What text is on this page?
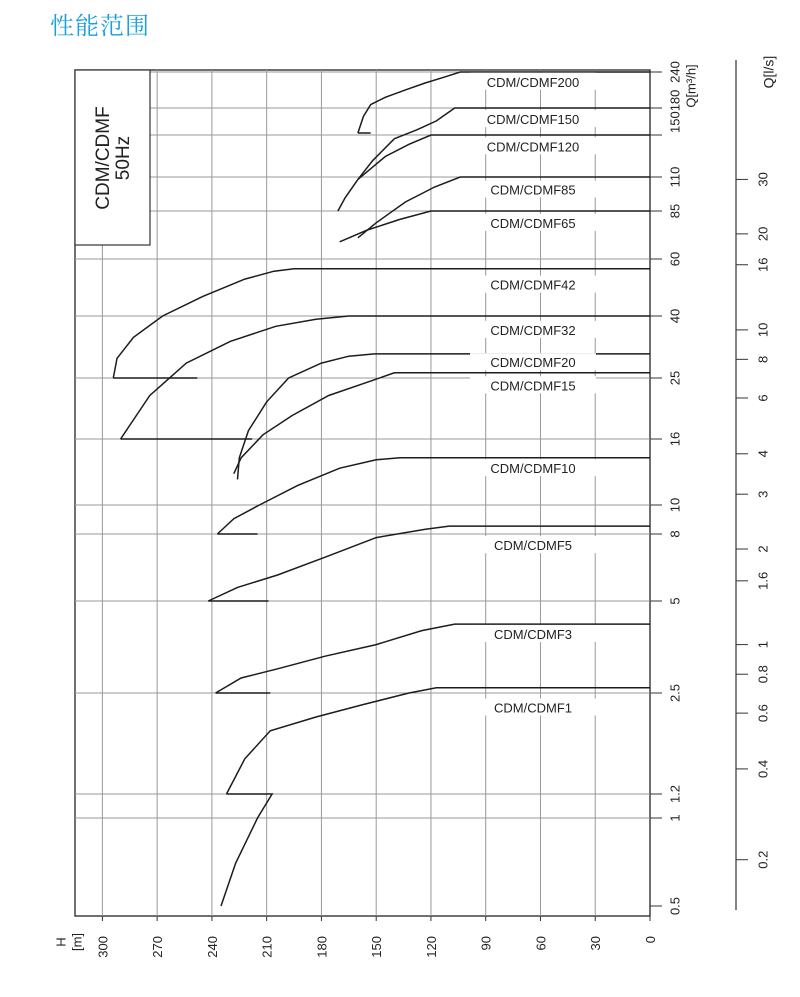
性能范围
CDM/CDMF 50Hz
CDM/CDMF200
CDM/CDMF150
CDM/CDMF120
CDM/CDMF85
CDM/CDMF65
CDM/CDMF42
CDM/CDMF32
CDM/CDMF20
CDM/CDMF15
CDM/CDMF10
CDM/CDMF5
CDM/CDMF3
CDM/CDMF1
300	270	240	210	180	150	120	90	60	30	0
110
85
60
40
25
16
10
8
5
2.5
1.2
1
0.5
150180
240 Q[m³/h]	Q[l/s]
30
20
16
10
8
6
4
3
2
1.6
1
0.8
0.6
0.4
0.2
H [m]
